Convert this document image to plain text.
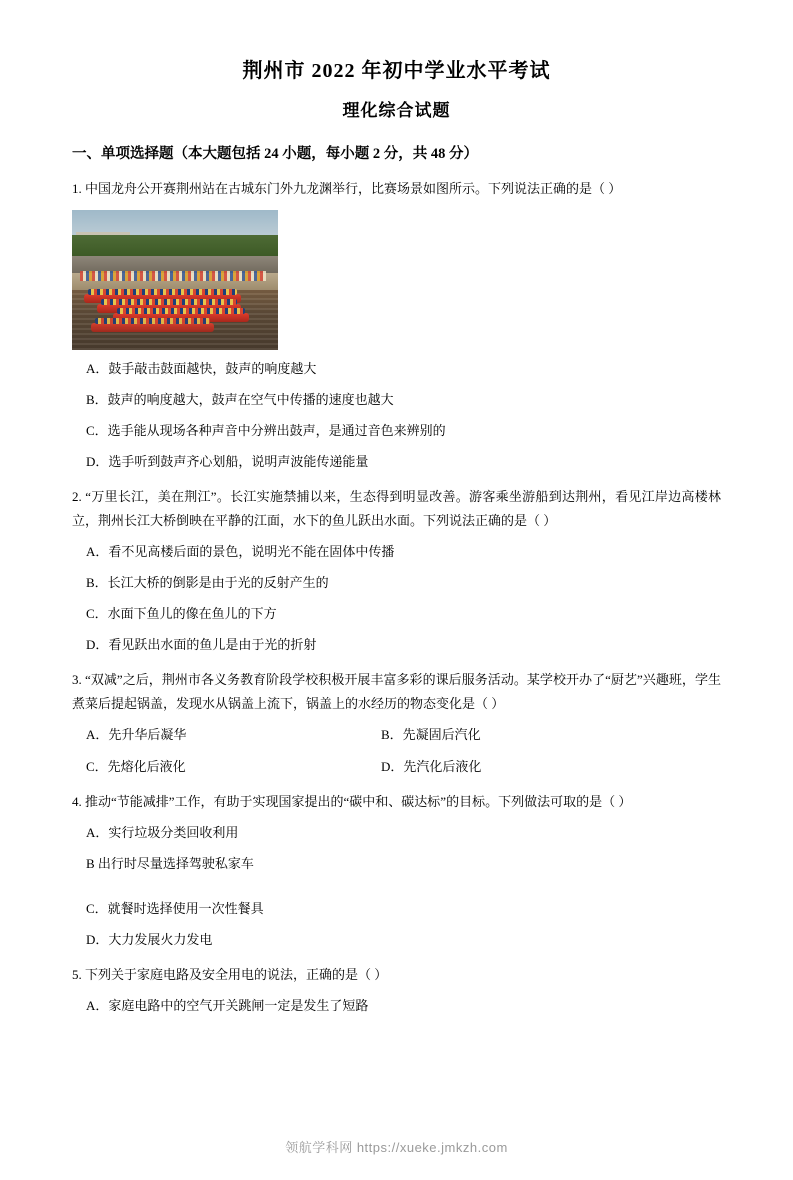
荆州市 2022 年初中学业水平考试
理化综合试题
一、单项选择题（本大题包括 24 小题，每小题 2 分，共 48 分）
1. 中国龙舟公开赛荆州站在古城东门外九龙渊举行，比赛场景如图所示。下列说法正确的是（ ）
A．鼓手敲击鼓面越快，鼓声的响度越大
B．鼓声的响度越大，鼓声在空气中传播的速度也越大
C．选手能从现场各种声音中分辨出鼓声，是通过音色来辨别的
D．选手听到鼓声齐心划船，说明声波能传递能量
2. “万里长江，美在荆江”。长江实施禁捕以来，生态得到明显改善。游客乘坐游船到达荆州，看见江岸边高楼林立，荆州长江大桥倒映在平静的江面，水下的鱼儿跃出水面。下列说法正确的是（ ）
A．看不见高楼后面的景色，说明光不能在固体中传播
B．长江大桥的倒影是由于光的反射产生的
C．水面下鱼儿的像在鱼儿的下方
D．看见跃出水面的鱼儿是由于光的折射
3. “双减”之后，荆州市各义务教育阶段学校积极开展丰富多彩的课后服务活动。某学校开办了“厨艺”兴趣班，学生煮菜后提起锅盖，发现水从锅盖上流下，锅盖上的水经历的物态变化是（ ）
A．先升华后凝华	B．先凝固后汽化
C．先熔化后液化	D．先汽化后液化
4. 推动“节能减排”工作，有助于实现国家提出的“碳中和、碳达标”的目标。下列做法可取的是（ ）
A．实行垃圾分类回收利用
B 出行时尽量选择驾驶私家车
C．就餐时选择使用一次性餐具
D．大力发展火力发电
5. 下列关于家庭电路及安全用电的说法，正确的是（ ）
A．家庭电路中的空气开关跳闸一定是发生了短路
领航学科网 https://xueke.jmkzh.com
